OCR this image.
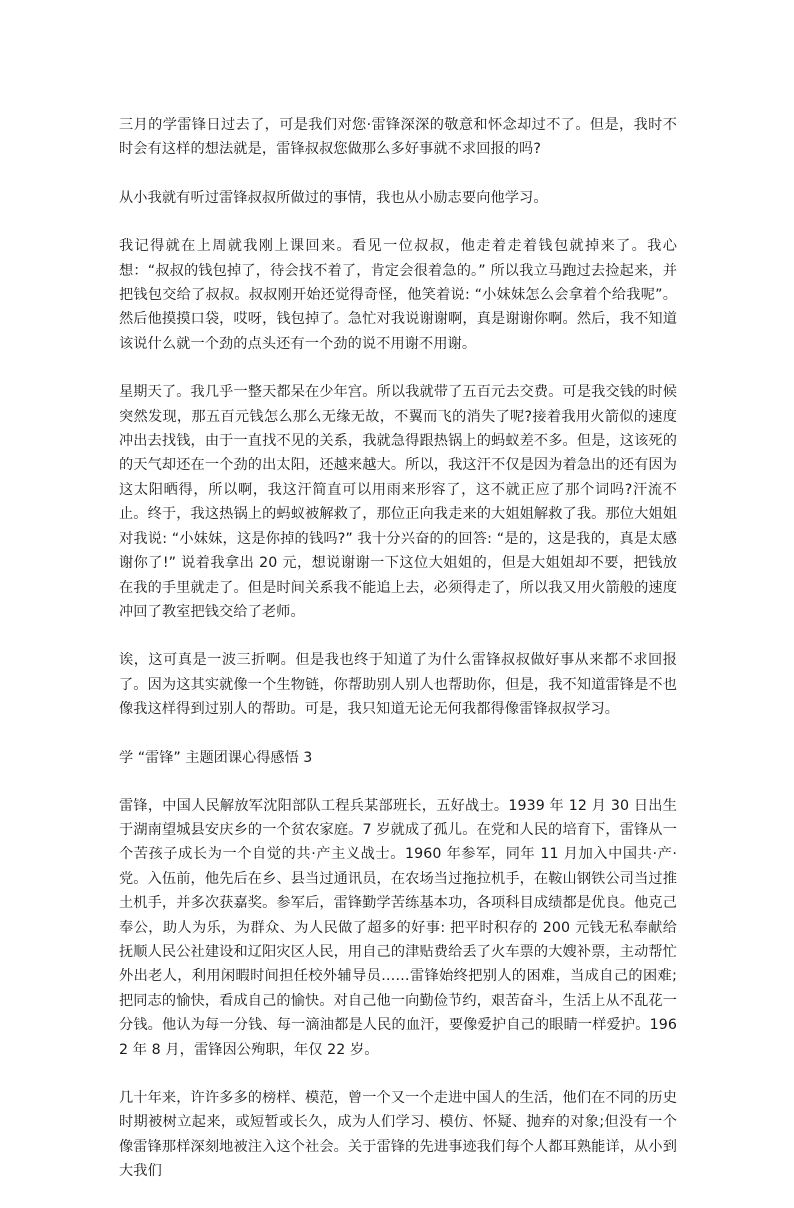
三月的学雷锋日过去了，可是我们对您·雷锋深深的敬意和怀念却过不了。但是，我时不时会有这样的想法就是，雷锋叔叔您做那么多好事就不求回报的吗?

从小我就有听过雷锋叔叔所做过的事情，我也从小励志要向他学习。

我记得就在上周就我刚上课回来。看见一位叔叔，他走着走着钱包就掉来了。我心想：“叔叔的钱包掉了，待会找不着了，肯定会很着急的。” 所以我立马跑过去捡起来，并把钱包交给了叔叔。叔叔刚开始还觉得奇怪，他笑着说: “小妹妹怎么会拿着个给我呢”。然后他摸摸口袋，哎呀，钱包掉了。急忙对我说谢谢啊，真是谢谢你啊。然后，我不知道该说什么就一个劲的点头还有一个劲的说不用谢不用谢。

星期天了。我几乎一整天都呆在少年宫。所以我就带了五百元去交费。可是我交钱的时候突然发现，那五百元钱怎么那么无缘无故，不翼而飞的消失了呢?接着我用火箭似的速度冲出去找钱，由于一直找不见的关系，我就急得跟热锅上的蚂蚁差不多。但是，这该死的的天气却还在一个劲的出太阳，还越来越大。所以，我这汗不仅是因为着急出的还有因为这太阳晒得，所以啊，我这汗简直可以用雨来形容了，这不就正应了那个词吗?汗流不止。终于，我这热锅上的蚂蚁被解救了，那位正向我走来的大姐姐解救了我。那位大姐姐对我说: “小妹妹，这是你掉的钱吗?” 我十分兴奋的的回答: “是的，这是我的，真是太感谢你了!” 说着我拿出 20 元，想说谢谢一下这位大姐姐的，但是大姐姐却不要，把钱放在我的手里就走了。但是时间关系我不能追上去，必须得走了，所以我又用火箭般的速度冲回了教室把钱交给了老师。

诶，这可真是一波三折啊。但是我也终于知道了为什么雷锋叔叔做好事从来都不求回报了。因为这其实就像一个生物链，你帮助别人别人也帮助你，但是，我不知道雷锋是不也像我这样得到过别人的帮助。可是，我只知道无论无何我都得像雷锋叔叔学习。

学 “雷锋” 主题团课心得感悟 3

雷锋，中国人民解放军沈阳部队工程兵某部班长，五好战士。1939 年 12 月 30 日出生于湖南望城县安庆乡的一个贫农家庭。7 岁就成了孤儿。在党和人民的培育下，雷锋从一个苦孩子成长为一个自觉的共·产主义战士。1960 年参军，同年 11 月加入中国共·产·党。入伍前，他先后在乡、县当过通讯员，在农场当过拖拉机手，在鞍山钢铁公司当过推土机手，并多次获嘉奖。参军后，雷锋勤学苦练基本功，各项科目成绩都是优良。他克己奉公，助人为乐，为群众、为人民做了超多的好事: 把平时积存的 200 元钱无私奉献给抚顺人民公社建设和辽阳灾区人民，用自己的津贴费给丢了火车票的大嫂补票，主动帮忙外出老人，利用闲暇时间担任校外辅导员……雷锋始终把别人的困难，当成自己的困难;把同志的愉快，看成自己的愉快。对自己他一向勤俭节约，艰苦奋斗，生活上从不乱花一分钱。他认为每一分钱、每一滴油都是人民的血汗，要像爱护自己的眼睛一样爱护。1962 年 8 月，雷锋因公殉职，年仅 22 岁。

几十年来，许许多多的榜样、模范，曾一个又一个走进中国人的生活，他们在不同的历史时期被树立起来，或短暂或长久，成为人们学习、模仿、怀疑、抛弃的对象;但没有一个像雷锋那样深刻地被注入这个社会。关于雷锋的先进事迹我们每个人都耳熟能详，从小到大我们
